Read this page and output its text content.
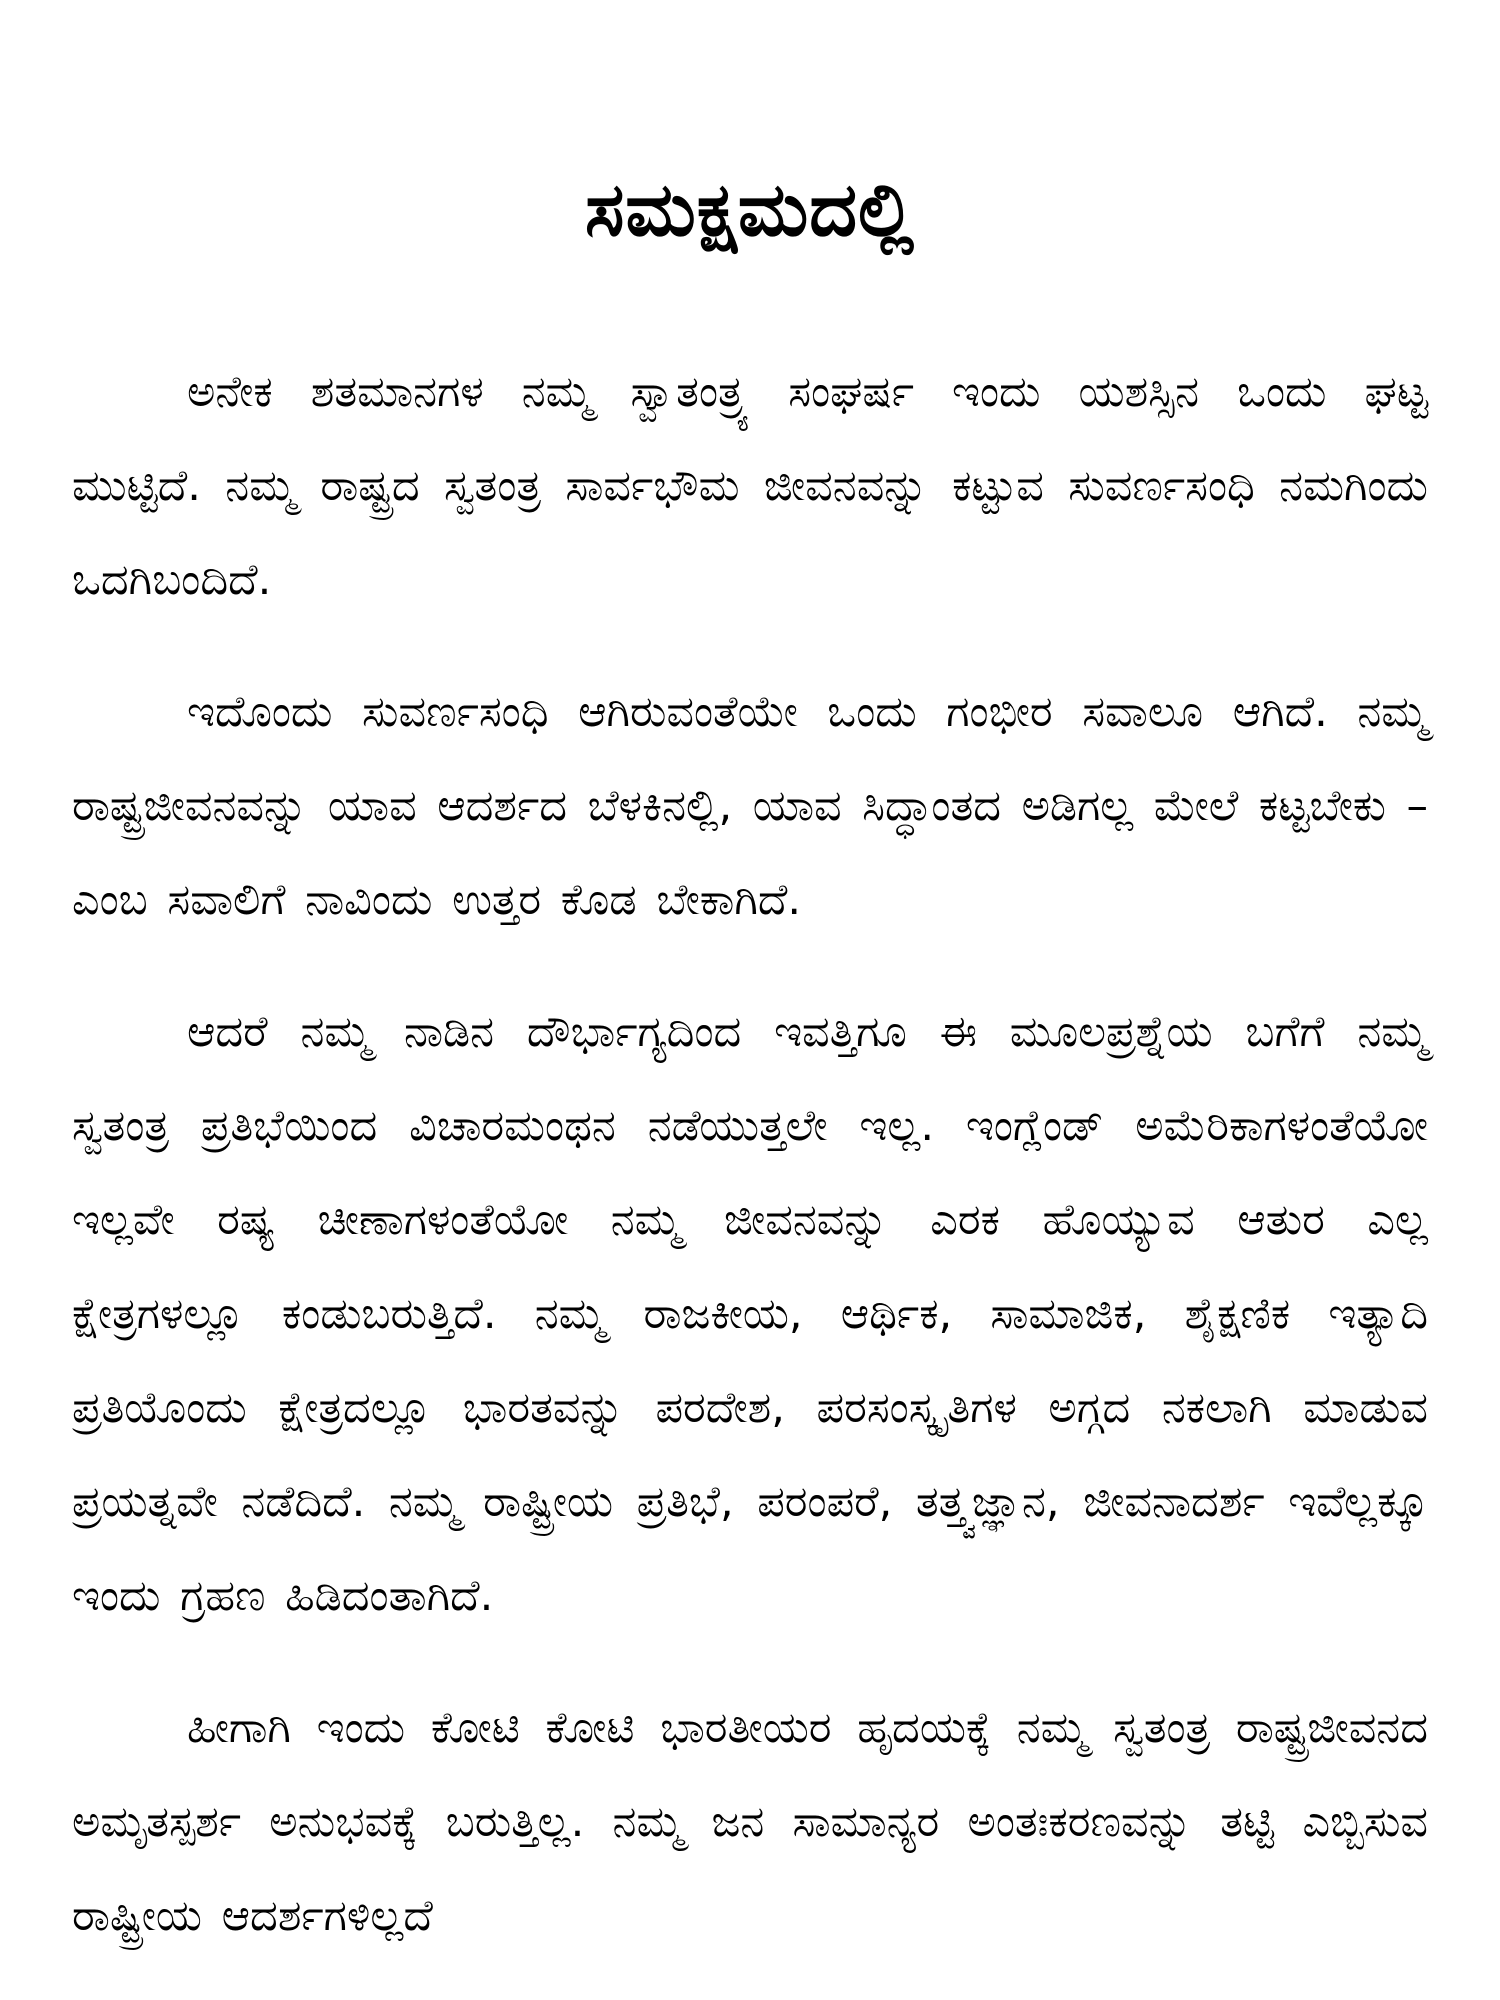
ಸಮಕ್ಷಮದಲ್ಲಿ

ಅನೇಕ ಶತಮಾನಗಳ ನಮ್ಮ ಸ್ವಾತಂತ್ರ್ಯ ಸಂಘರ್ಷ ಇಂದು ಯಶಸ್ಸಿನ ಒಂದು ಘಟ್ಟ ಮುಟ್ಟಿದೆ. ನಮ್ಮ ರಾಷ್ಟ್ರದ ಸ್ವತಂತ್ರ ಸಾರ್ವಭೌಮ ಜೀವನವನ್ನು ಕಟ್ಟುವ ಸುವರ್ಣಸಂಧಿ ನಮಗಿಂದು ಒದಗಿಬಂದಿದೆ.

ಇದೊಂದು ಸುವರ್ಣಸಂಧಿ ಆಗಿರುವಂತೆಯೇ ಒಂದು ಗಂಭೀರ ಸವಾಲೂ ಆಗಿದೆ. ನಮ್ಮ ರಾಷ್ಟ್ರಜೀವನವನ್ನು ಯಾವ ಆದರ್ಶದ ಬೆಳಕಿನಲ್ಲಿ, ಯಾವ ಸಿದ್ಧಾಂತದ ಅಡಿಗಲ್ಲ ಮೇಲೆ ಕಟ್ಟಬೇಕು – ಎಂಬ ಸವಾಲಿಗೆ ನಾವಿಂದು ಉತ್ತರ ಕೊಡ ಬೇಕಾಗಿದೆ.

ಆದರೆ ನಮ್ಮ ನಾಡಿನ ದೌರ್ಭಾಗ್ಯದಿಂದ ಇವತ್ತಿಗೂ ಈ ಮೂಲಪ್ರಶ್ನೆಯ ಬಗೆಗೆ ನಮ್ಮ ಸ್ವತಂತ್ರ ಪ್ರತಿಭೆಯಿಂದ ವಿಚಾರಮಂಥನ ನಡೆಯುತ್ತಲೇ ಇಲ್ಲ. ಇಂಗ್ಲೆಂಡ್ ಅಮೆರಿಕಾಗಳಂತೆಯೋ ಇಲ್ಲವೇ ರಷ್ಯ ಚೀಣಾಗಳಂತೆಯೋ ನಮ್ಮ ಜೀವನವನ್ನು ಎರಕ ಹೊಯ್ಯುವ ಆತುರ ಎಲ್ಲ ಕ್ಷೇತ್ರಗಳಲ್ಲೂ ಕಂಡುಬರುತ್ತಿದೆ. ನಮ್ಮ ರಾಜಕೀಯ, ಆರ್ಥಿಕ, ಸಾಮಾಜಿಕ, ಶೈಕ್ಷಣಿಕ ಇತ್ಯಾದಿ ಪ್ರತಿಯೊಂದು ಕ್ಷೇತ್ರದಲ್ಲೂ ಭಾರತವನ್ನು ಪರದೇಶ, ಪರಸಂಸ್ಕೃತಿಗಳ ಅಗ್ಗದ ನಕಲಾಗಿ ಮಾಡುವ ಪ್ರಯತ್ನವೇ ನಡೆದಿದೆ. ನಮ್ಮ ರಾಷ್ಟ್ರೀಯ ಪ್ರತಿಭೆ, ಪರಂಪರೆ, ತತ್ತ್ವಜ್ಞಾನ, ಜೀವನಾದರ್ಶ ಇವೆಲ್ಲಕ್ಕೂ ಇಂದು ಗ್ರಹಣ ಹಿಡಿದಂತಾಗಿದೆ.

ಹೀಗಾಗಿ ಇಂದು ಕೋಟಿ ಕೋಟಿ ಭಾರತೀಯರ ಹೃದಯಕ್ಕೆ ನಮ್ಮ ಸ್ವತಂತ್ರ ರಾಷ್ಟ್ರಜೀವನದ ಅಮೃತಸ್ಪರ್ಶ ಅನುಭವಕ್ಕೆ ಬರುತ್ತಿಲ್ಲ. ನಮ್ಮ ಜನ ಸಾಮಾನ್ಯರ ಅಂತಃಕರಣವನ್ನು ತಟ್ಟಿ ಎಬ್ಬಿಸುವ ರಾಷ್ಟ್ರೀಯ ಆದರ್ಶಗಳಿಲ್ಲದೆ
